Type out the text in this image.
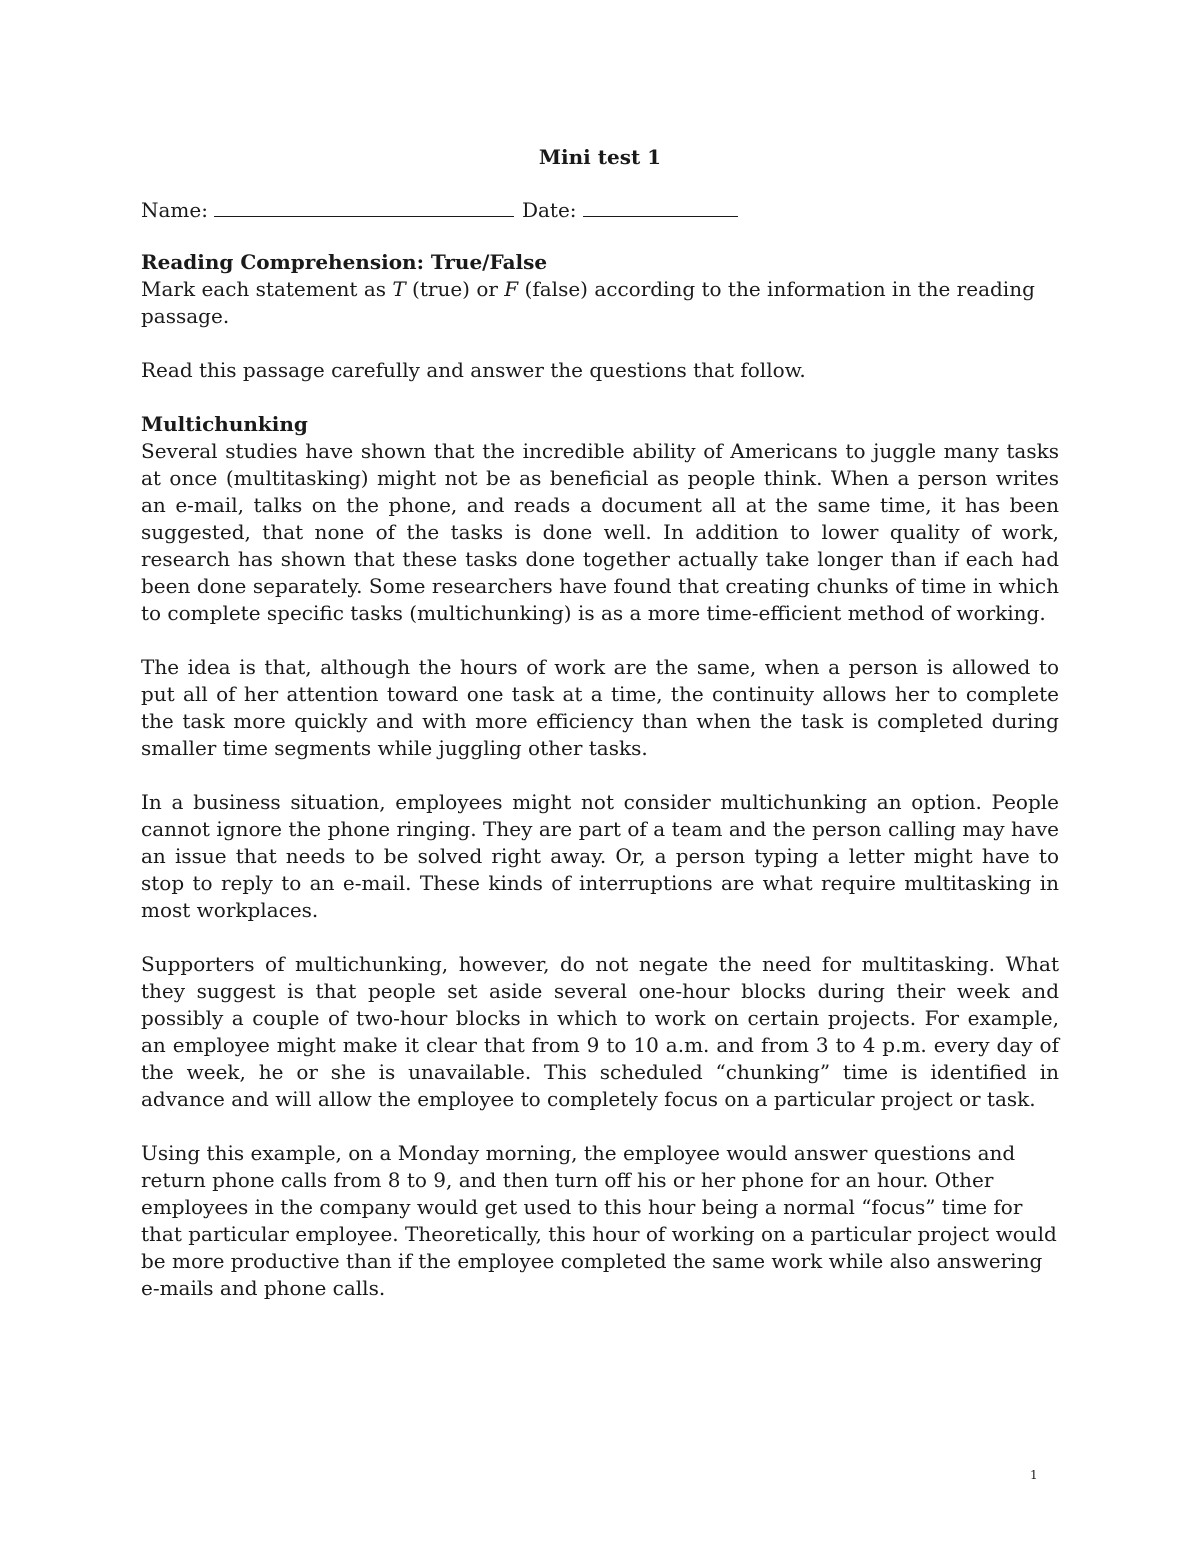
Mini test 1

Name:	Date:

Reading Comprehension: True/False

Mark each statement as T (true) or F (false) according to the information in the reading passage.

Read this passage carefully and answer the questions that follow.

Multichunking

Several studies have shown that the incredible ability of Americans to juggle many tasks at once (multitasking) might not be as beneficial as people think. When a person writes an e-mail, talks on the phone, and reads a document all at the same time, it has been suggested, that none of the tasks is done well. In addition to lower quality of work, research has shown that these tasks done together actually take longer than if each had been done separately. Some researchers have found that creating chunks of time in which to complete specific tasks (multichunking) is as a more time-efficient method of working.

The idea is that, although the hours of work are the same, when a person is allowed to put all of her attention toward one task at a time, the continuity allows her to complete the task more quickly and with more efficiency than when the task is completed during smaller time segments while juggling other tasks.

In a business situation, employees might not consider multichunking an option. People cannot ignore the phone ringing. They are part of a team and the person calling may have an issue that needs to be solved right away. Or, a person typing a letter might have to stop to reply to an e-mail. These kinds of interruptions are what require multitasking in most workplaces.

Supporters of multichunking, however, do not negate the need for multitasking. What they suggest is that people set aside several one-hour blocks during their week and possibly a couple of two-hour blocks in which to work on certain projects. For example, an employee might make it clear that from 9 to 10 a.m. and from 3 to 4 p.m. every day of the week, he or she is unavailable. This scheduled “chunking” time is identified in advance and will allow the employee to completely focus on a particular project or task.

Using this example, on a Monday morning, the employee would answer questions and return phone calls from 8 to 9, and then turn off his or her phone for an hour. Other employees in the company would get used to this hour being a normal “focus” time for that particular employee. Theoretically, this hour of working on a particular project would be more productive than if the employee completed the same work while also answering e-mails and phone calls.

1
